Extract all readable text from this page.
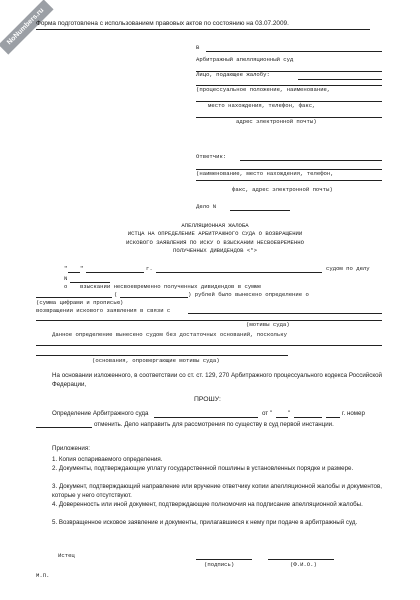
NoNumbers.ru
Форма подготовлена с использованием правовых актов по состоянию на 03.07.2009.
В
Арбитражный апелляционный суд
Лицо, подающее жалобу:
(процессуальное положение, наименование,
место нахождения, телефон, факс,
адрес электронной почты)
Ответчик:
(наименование, место нахождения, телефон,
факс, адрес электронной почты)
Дело N
АПЕЛЛЯЦИОННАЯ ЖАЛОБА
ИСТЦА НА ОПРЕДЕЛЕНИЕ АРБИТРАЖНОГО СУДА О ВОЗВРАЩЕНИИ
ИСКОВОГО ЗАЯВЛЕНИЯ ПО ИСКУ О ВЗЫСКАНИИ НЕСВОЕВРЕМЕННО
ПОЛУЧЕННЫХ ДИВИДЕНДОВ <*>
" "	г.	судом по делу
N
о взыскании несвоевременно полученных дивидендов в сумме
(	) рублей было вынесено определение о
(сумма цифрами и прописью)
возвращении искового заявления в связи с
(мотивы суда)
Данное определение вынесено судом без достаточных оснований, поскольку
(основания, опровергающие мотивы суда)
На основании изложенного, в соответствии со ст. ст. 129, 270 Арбитражного процессуального кодекса Российской Федерации,
ПРОШУ:
Определение Арбитражного суда	от "	"	г. номер
отменить. Дело направить для рассмотрения по существу в суд первой инстанции.
Приложения:
1. Копия оспариваемого определения.
2. Документы, подтверждающие уплату государственной пошлины в установленных порядке и размере.
3. Документ, подтверждающий направление или вручение ответчику копии апелляционной жалобы и документов, которые у него отсутствуют.
4. Доверенность или иной документ, подтверждающие полномочия на подписание апелляционной жалобы.
5. Возвращенное исковое заявление и документы, прилагавшиеся к нему при подаче в арбитражный суд.
Истец
(подпись)	(Ф.И.О.)
М.П.
